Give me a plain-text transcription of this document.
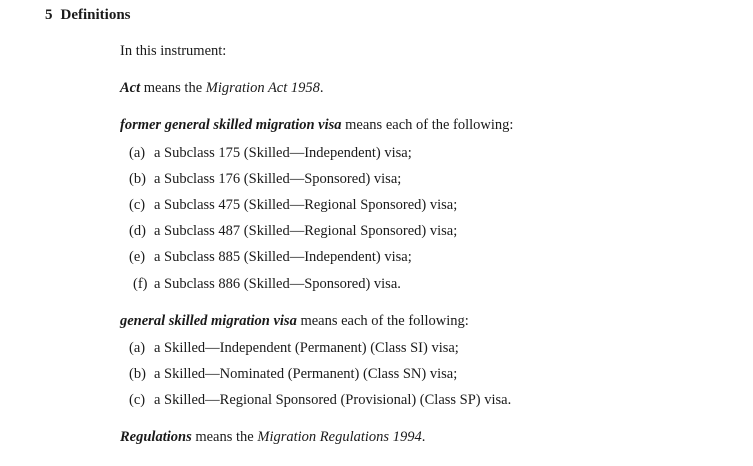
5 Definitions
In this instrument:
Act means the Migration Act 1958.
former general skilled migration visa means each of the following:
(a) a Subclass 175 (Skilled—Independent) visa;
(b) a Subclass 176 (Skilled—Sponsored) visa;
(c) a Subclass 475 (Skilled—Regional Sponsored) visa;
(d) a Subclass 487 (Skilled—Regional Sponsored) visa;
(e) a Subclass 885 (Skilled—Independent) visa;
(f) a Subclass 886 (Skilled—Sponsored) visa.
general skilled migration visa means each of the following:
(a) a Skilled—Independent (Permanent) (Class SI) visa;
(b) a Skilled—Nominated (Permanent) (Class SN) visa;
(c) a Skilled—Regional Sponsored (Provisional) (Class SP) visa.
Regulations means the Migration Regulations 1994.
